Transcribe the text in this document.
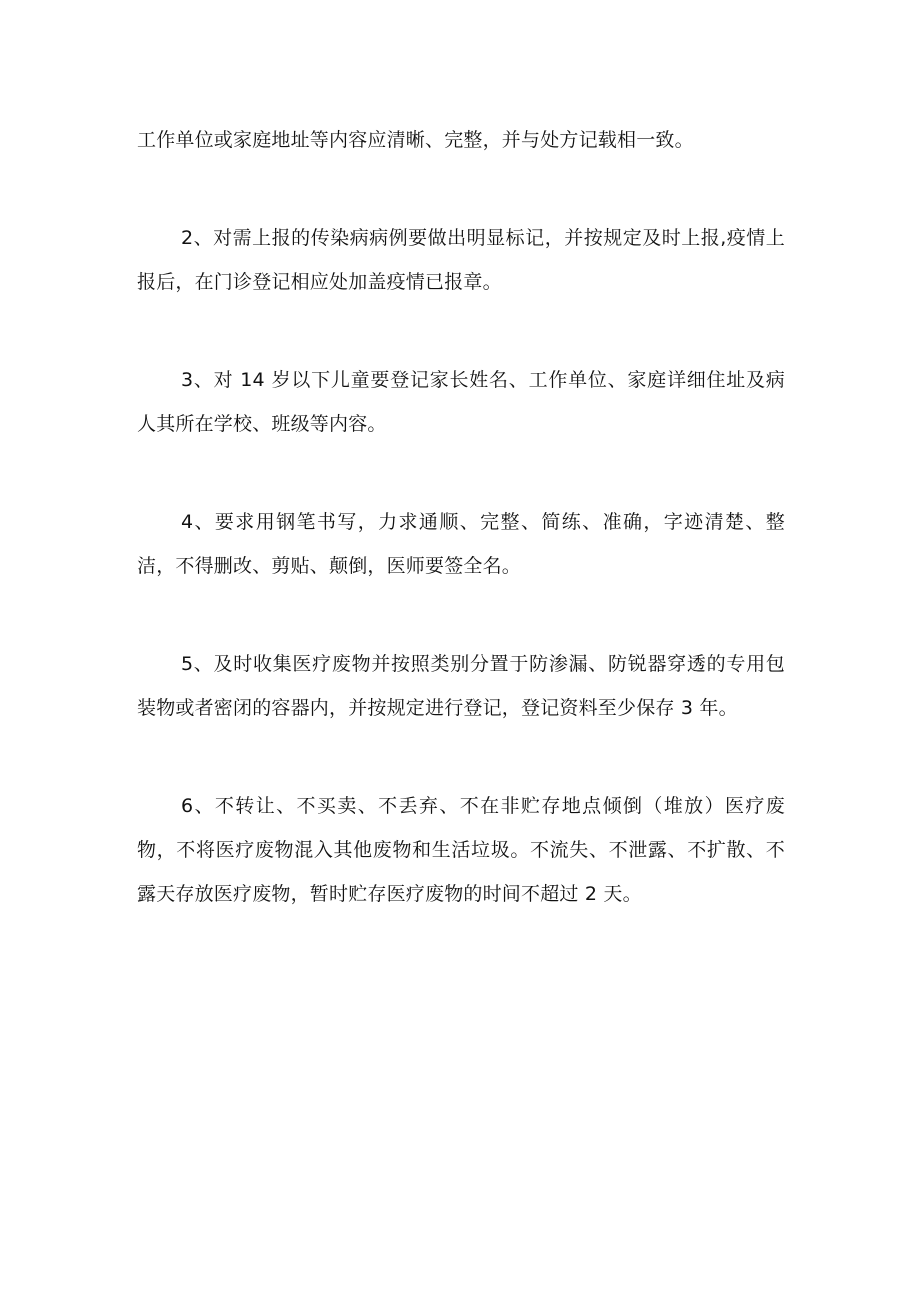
工作单位或家庭地址等内容应清晰、完整，并与处方记载相一致。

2、对需上报的传染病病例要做出明显标记，并按规定及时上报,疫情上报后，在门诊登记相应处加盖疫情已报章。

3、对 14 岁以下儿童要登记家长姓名、工作单位、家庭详细住址及病人其所在学校、班级等内容。

4、要求用钢笔书写，力求通顺、完整、简练、准确，字迹清楚、整洁，不得删改、剪贴、颠倒，医师要签全名。

5、及时收集医疗废物并按照类别分置于防渗漏、防锐器穿透的专用包装物或者密闭的容器内，并按规定进行登记，登记资料至少保存 3 年。

6、不转让、不买卖、不丢弃、不在非贮存地点倾倒（堆放）医疗废物，不将医疗废物混入其他废物和生活垃圾。不流失、不泄露、不扩散、不露天存放医疗废物，暂时贮存医疗废物的时间不超过 2 天。
